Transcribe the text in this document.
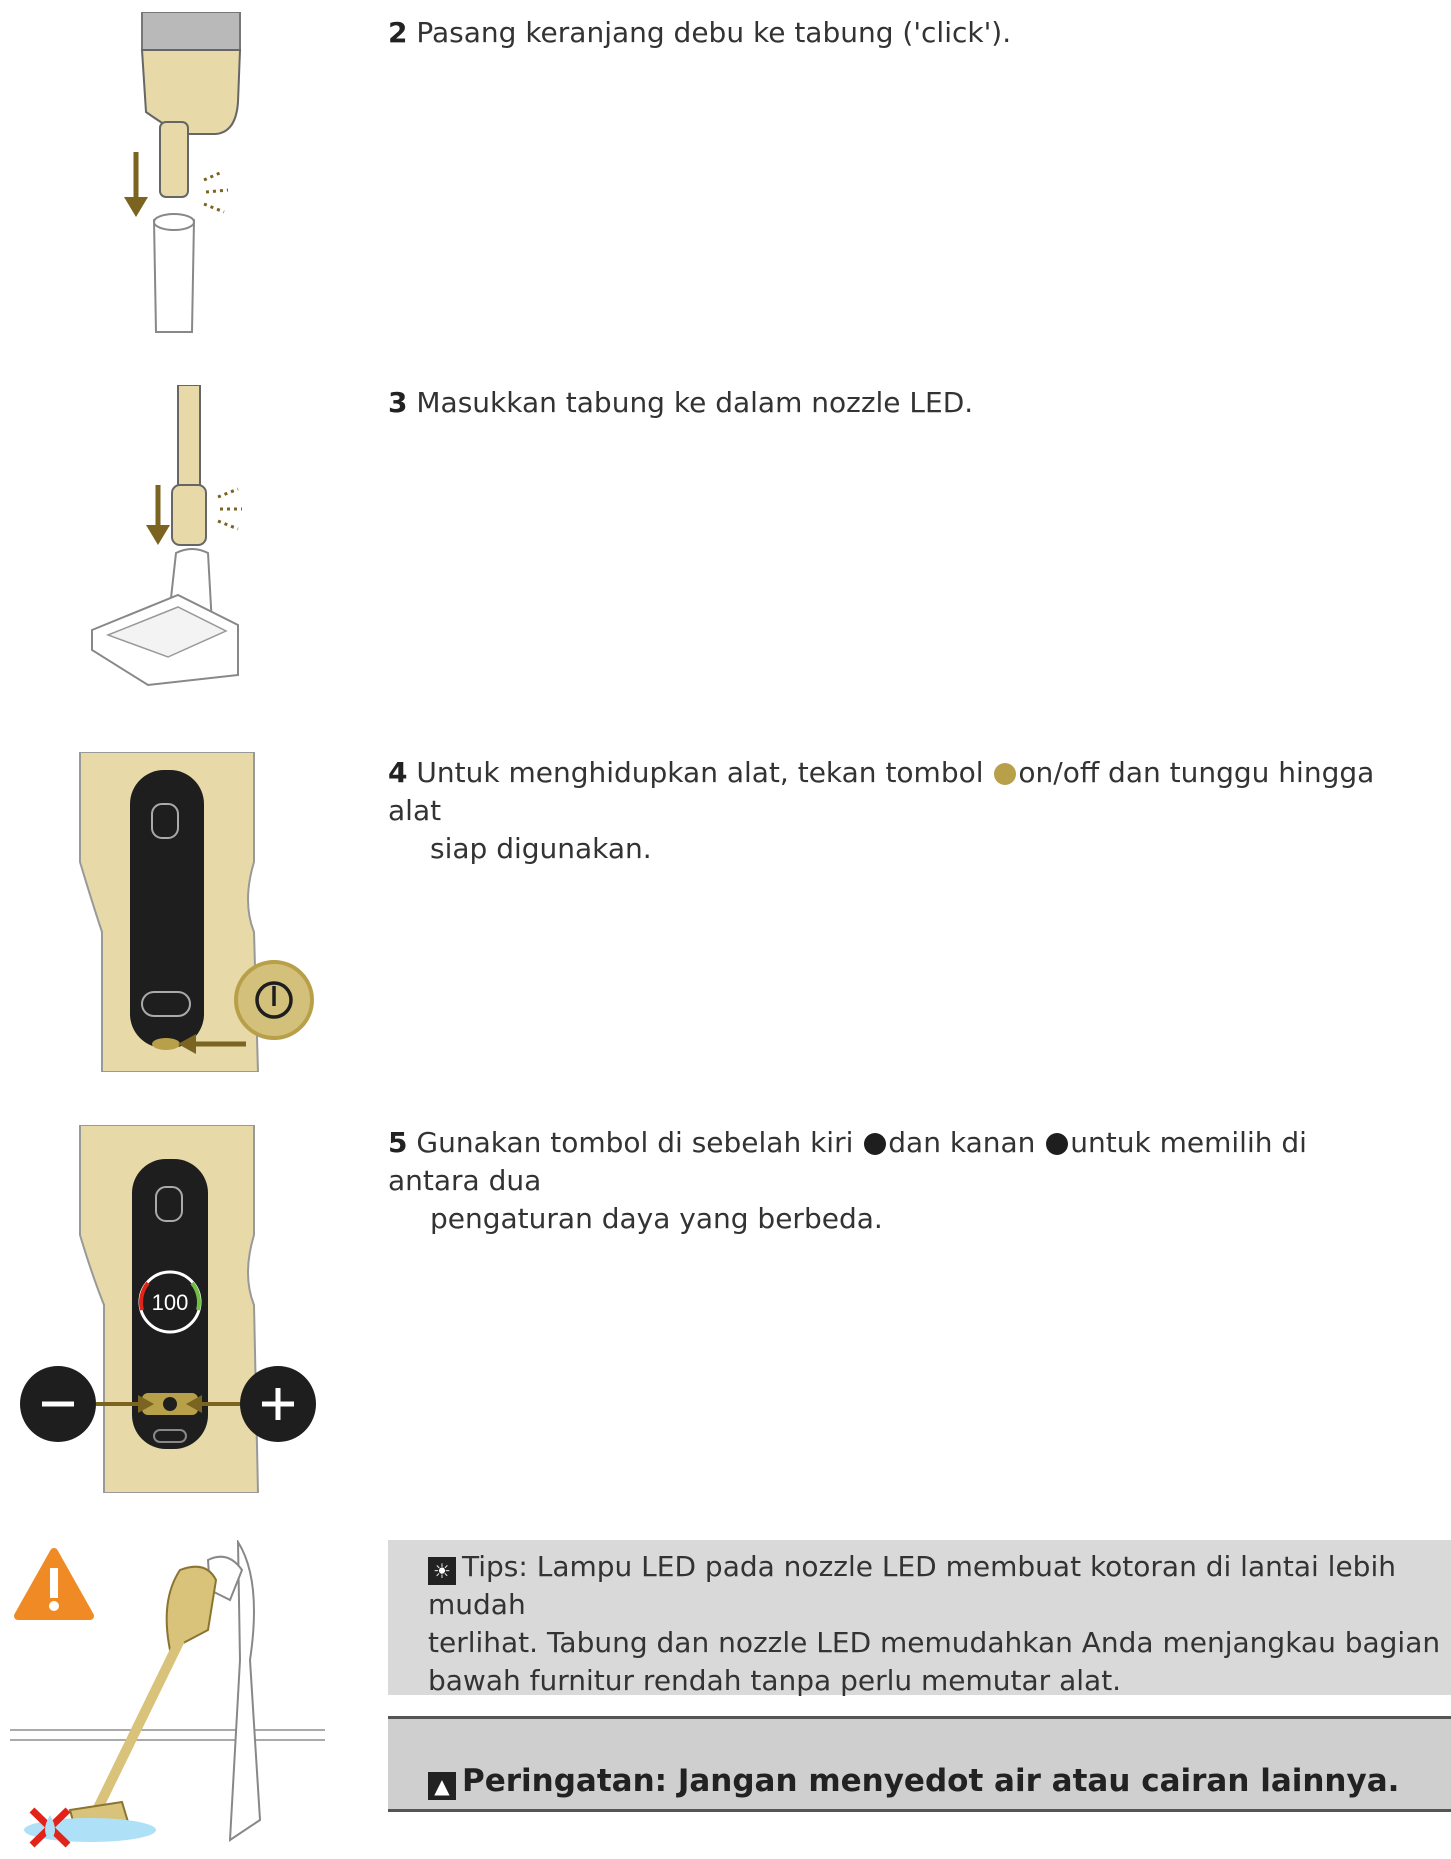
100
2 Pasang keranjang debu ke tabung ('click').
3 Masukkan tabung ke dalam nozzle LED.
4 Untuk menghidupkan alat, tekan tombol on/off dan tunggu hingga alat
siap digunakan.
5 Gunakan tombol di sebelah kiri dan kanan untuk memilih di antara dua
pengaturan daya yang berbeda.
☀ Tips: Lampu LED pada nozzle LED membuat kotoran di lantai lebih mudah
terlihat. Tabung dan nozzle LED memudahkan Anda menjangkau bagian
bawah furnitur rendah tanpa perlu memutar alat.
▲ Peringatan: Jangan menyedot air atau cairan lainnya.
